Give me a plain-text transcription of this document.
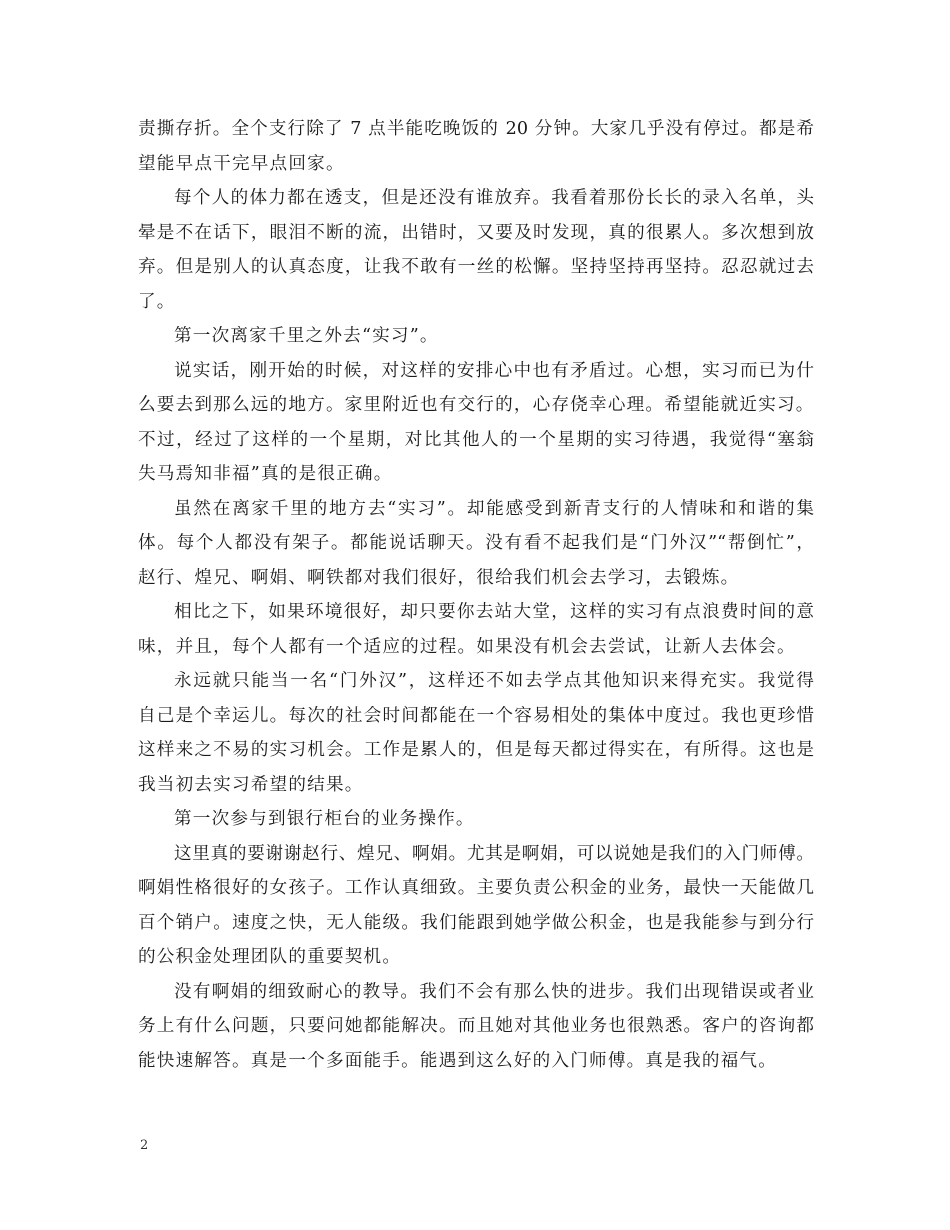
责撕存折。全个支行除了 7 点半能吃晚饭的 20 分钟。大家几乎没有停过。都是希
望能早点干完早点回家。
每个人的体力都在透支，但是还没有谁放弃。我看着那份长长的录入名单，头
晕是不在话下，眼泪不断的流，出错时，又要及时发现，真的很累人。多次想到放
弃。但是别人的认真态度，让我不敢有一丝的松懈。坚持坚持再坚持。忍忍就过去
了。
第一次离家千里之外去“实习”。
说实话，刚开始的时候，对这样的安排心中也有矛盾过。心想，实习而已为什
么要去到那么远的地方。家里附近也有交行的，心存侥幸心理。希望能就近实习。
不过，经过了这样的一个星期，对比其他人的一个星期的实习待遇，我觉得“塞翁
失马焉知非福”真的是很正确。
虽然在离家千里的地方去“实习”。却能感受到新青支行的人情味和和谐的集
体。每个人都没有架子。都能说话聊天。没有看不起我们是“门外汉”“帮倒忙”，
赵行、煌兄、啊娟、啊铁都对我们很好，很给我们机会去学习，去锻炼。
相比之下，如果环境很好，却只要你去站大堂，这样的实习有点浪费时间的意
味，并且，每个人都有一个适应的过程。如果没有机会去尝试，让新人去体会。
永远就只能当一名“门外汉”，这样还不如去学点其他知识来得充实。我觉得
自己是个幸运儿。每次的社会时间都能在一个容易相处的集体中度过。我也更珍惜
这样来之不易的实习机会。工作是累人的，但是每天都过得实在，有所得。这也是
我当初去实习希望的结果。
第一次参与到银行柜台的业务操作。
这里真的要谢谢赵行、煌兄、啊娟。尤其是啊娟，可以说她是我们的入门师傅。
啊娟性格很好的女孩子。工作认真细致。主要负责公积金的业务，最快一天能做几
百个销户。速度之快，无人能级。我们能跟到她学做公积金，也是我能参与到分行
的公积金处理团队的重要契机。
没有啊娟的细致耐心的教导。我们不会有那么快的进步。我们出现错误或者业
务上有什么问题，只要问她都能解决。而且她对其他业务也很熟悉。客户的咨询都
能快速解答。真是一个多面能手。能遇到这么好的入门师傅。真是我的福气。
2
